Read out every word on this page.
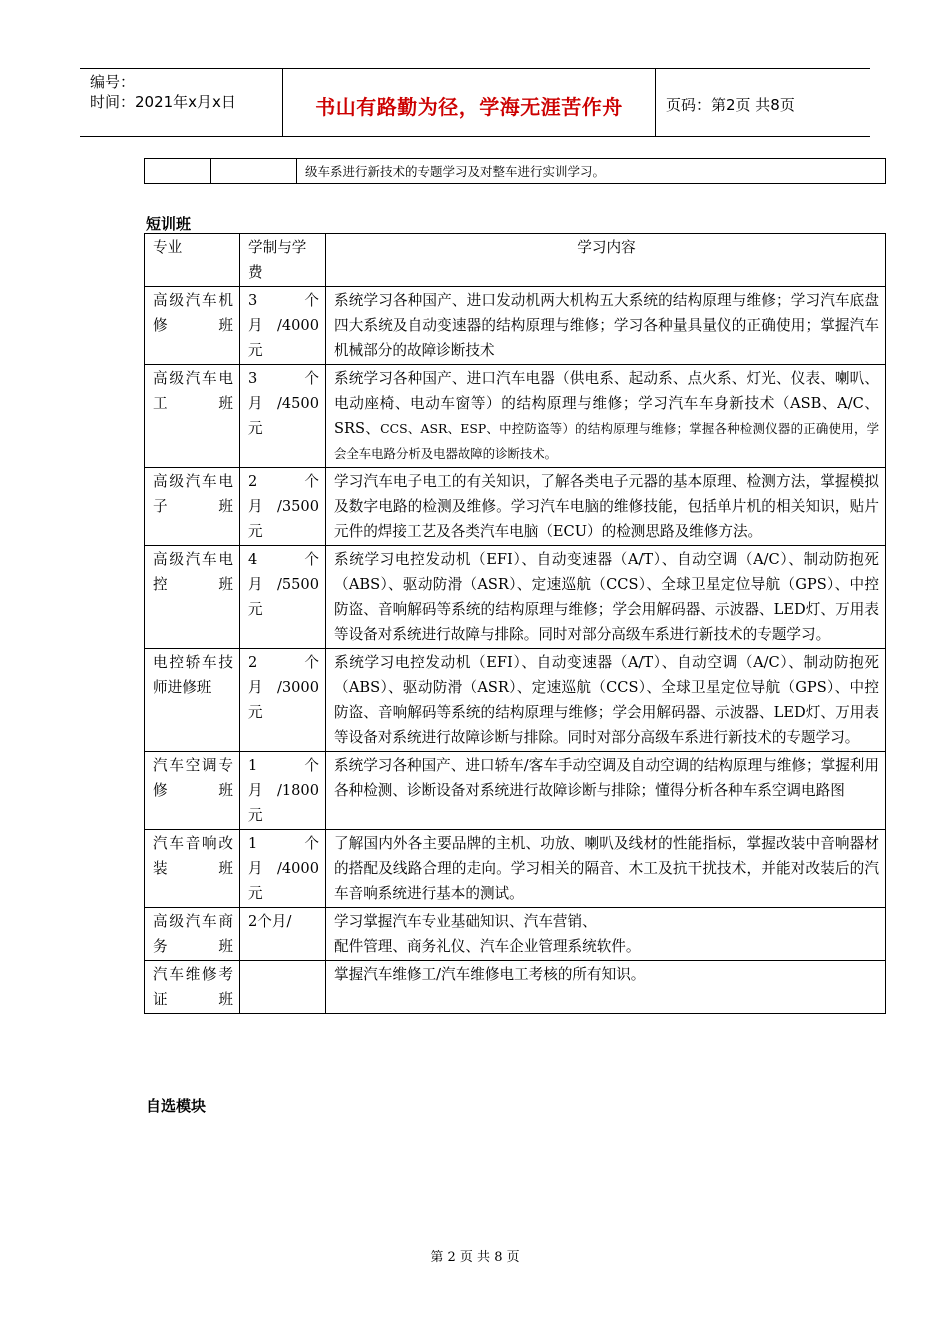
编号：
时间：2021年x月x日	书山有路勤为径，学海无涯苦作舟	页码：第2页 共8页
		级车系进行新技术的专题学习及对整车进行实训学习。
短训班
专业	学制与学费	学习内容
高级汽车机修班	3个月/4000元	系统学习各种国产、进口发动机两大机构五大系统的结构原理与维修；学习汽车底盘四大系统及自动变速器的结构原理与维修；学习各种量具量仪的正确使用；掌握汽车机械部分的故障诊断技术
高级汽车电工班	3个月/4500元	系统学习各种国产、进口汽车电器（供电系、起动系、点火系、灯光、仪表、喇叭、电动座椅、电动车窗等）的结构原理与维修；学习汽车车身新技术（ASB、A/C、SRS、CCS、ASR、ESP、中控防盗等）的结构原理与维修；掌握各种检测仪器的正确使用，学会全车电路分析及电器故障的诊断技术。
高级汽车电子班	2个月/3500元	学习汽车电子电工的有关知识，了解各类电子元器的基本原理、检测方法，掌握模拟及数字电路的检测及维修。学习汽车电脑的维修技能，包括单片机的相关知识，贴片元件的焊接工艺及各类汽车电脑（ECU）的检测思路及维修方法。
高级汽车电控班	4个月/5500元	系统学习电控发动机（EFI）、自动变速器（A/T）、自动空调（A/C）、制动防抱死（ABS）、驱动防滑（ASR）、定速巡航（CCS）、全球卫星定位导航（GPS）、中控防盗、音响解码等系统的结构原理与维修；学会用解码器、示波器、LED灯、万用表等设备对系统进行故障与排除。同时对部分高级车系进行新技术的专题学习。
电控轿车技师进修班	2个月/3000元	系统学习电控发动机（EFI）、自动变速器（A/T）、自动空调（A/C）、制动防抱死（ABS）、驱动防滑（ASR）、定速巡航（CCS）、全球卫星定位导航（GPS）、中控防盗、音响解码等系统的结构原理与维修；学会用解码器、示波器、LED灯、万用表等设备对系统进行故障诊断与排除。同时对部分高级车系进行新技术的专题学习。
汽车空调专修班	1个月/1800元	系统学习各种国产、进口轿车/客车手动空调及自动空调的结构原理与维修；掌握利用各种检测、诊断设备对系统进行故障诊断与排除；懂得分析各种车系空调电路图
汽车音响改装班	1个月/4000元	了解国内外各主要品牌的主机、功放、喇叭及线材的性能指标，掌握改装中音响器材的搭配及线路合理的走向。学习相关的隔音、木工及抗干扰技术，并能对改装后的汽车音响系统进行基本的测试。
高级汽车商务班	2个月/	学习掌握汽车专业基础知识、汽车营销、
配件管理、商务礼仪、汽车企业管理系统软件。

汽车维修考证班		掌握汽车维修工/汽车维修电工考核的所有知识。
自选模块
第 2 页 共 8 页
